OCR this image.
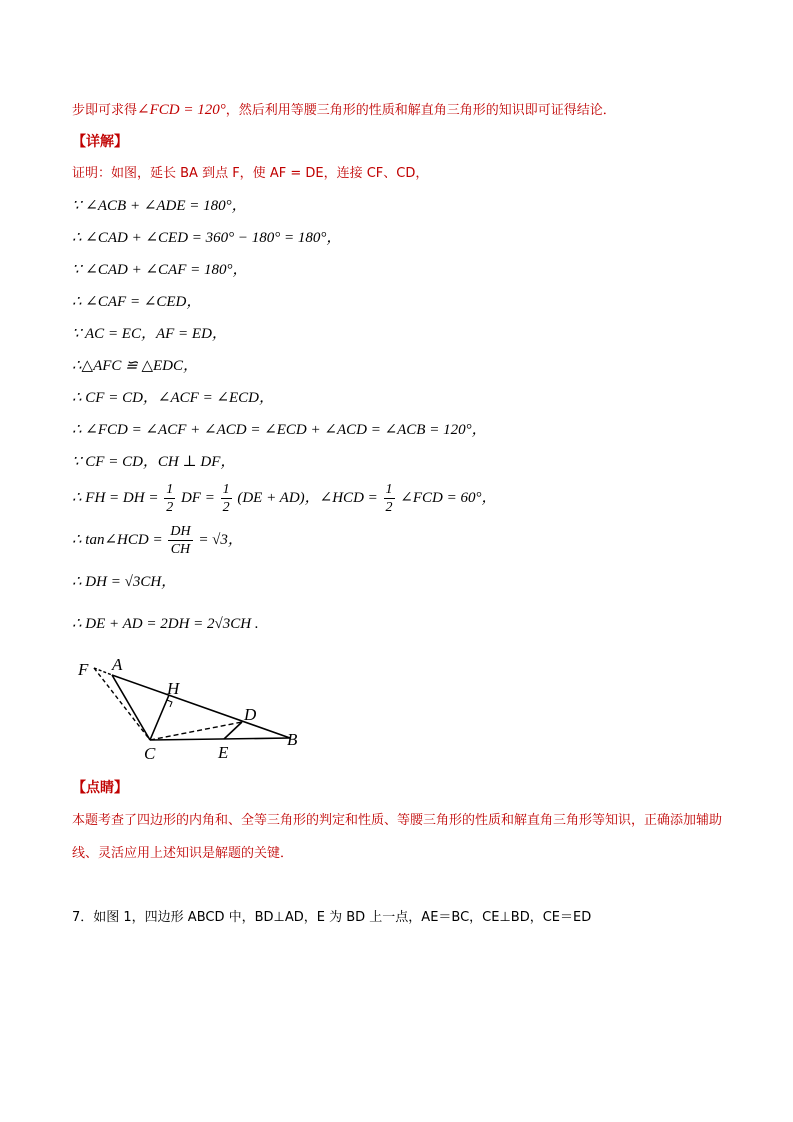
步即可求得∠FCD = 120°，然后利用等腰三角形的性质和解直角三角形的知识即可证得结论．
【详解】
证明：如图，延长 BA 到点 F，使 AF = DE，连接 CF、CD，
∵ ∠ACB + ∠ADE = 180°，
∴ ∠CAD + ∠CED = 360° − 180° = 180°，
∵ ∠CAD + ∠CAF = 180°，
∴ ∠CAF = ∠CED，
∵ AC = EC，AF = ED，
∴△AFC ≌ △EDC，
∴ CF = CD，∠ACF = ∠ECD，
∴ ∠FCD = ∠ACF + ∠ACD = ∠ECD + ∠ACD = ∠ACB = 120°，
∵ CF = CD，CH ⊥ DF，
∴ FH = DH = $\frac{1}{2}$ DF = $\frac{1}{2} (DE + AD)$，∠HCD = $\frac{1}{2}$ ∠FCD = 60°，
∴ tan∠HCD = $\frac{DH}{CH} = √3$，
∴ DH = √3CH，
∴ DE + AD = 2DH = 2√3CH .
F A
H
D
B
C	E
【点睛】
本题考查了四边形的内角和、全等三角形的判定和性质、等腰三角形的性质和解直角三角形等知识，正确添加辅助线、灵活应用上述知识是解题的关键．
7．如图 1，四边形 ABCD 中，BD⊥AD，E 为 BD 上一点，AE＝BC，CE⊥BD，CE＝ED
